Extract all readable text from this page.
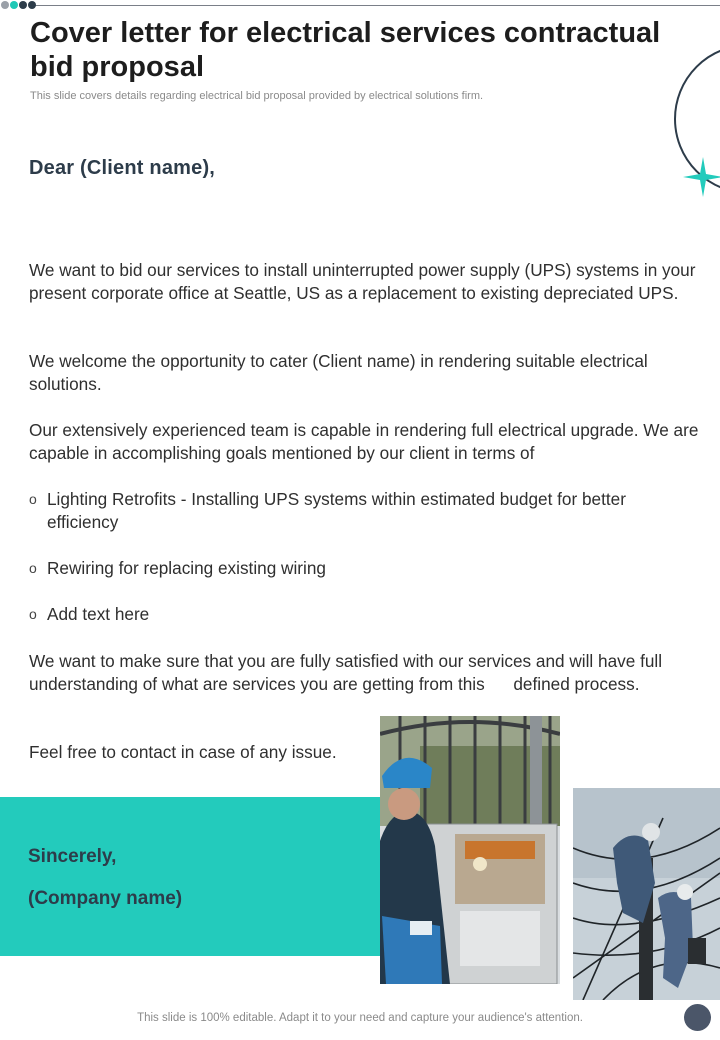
Cover letter for electrical services contractual bid proposal
This slide covers details regarding electrical bid proposal provided by electrical solutions firm.
Dear (Client name),

We want to bid our services to install uninterrupted power supply (UPS) systems in your present corporate office at Seattle, US as a replacement to existing depreciated UPS.

We welcome the opportunity to cater (Client name) in rendering suitable electrical solutions.

Our extensively experienced team is capable in rendering full electrical upgrade. We are capable in accomplishing goals mentioned by our client in terms of

o Lighting Retrofits - Installing UPS systems within estimated budget for better efficiency
o Rewiring for replacing existing wiring
o Add text here

We want to make sure that you are fully satisfied with our services and will have full understanding of what are services you are getting from this      defined process.

Feel free to contact in case of any issue.

Sincerely,
(Company name)
This slide is 100% editable. Adapt it to your need and capture your audience's attention.
